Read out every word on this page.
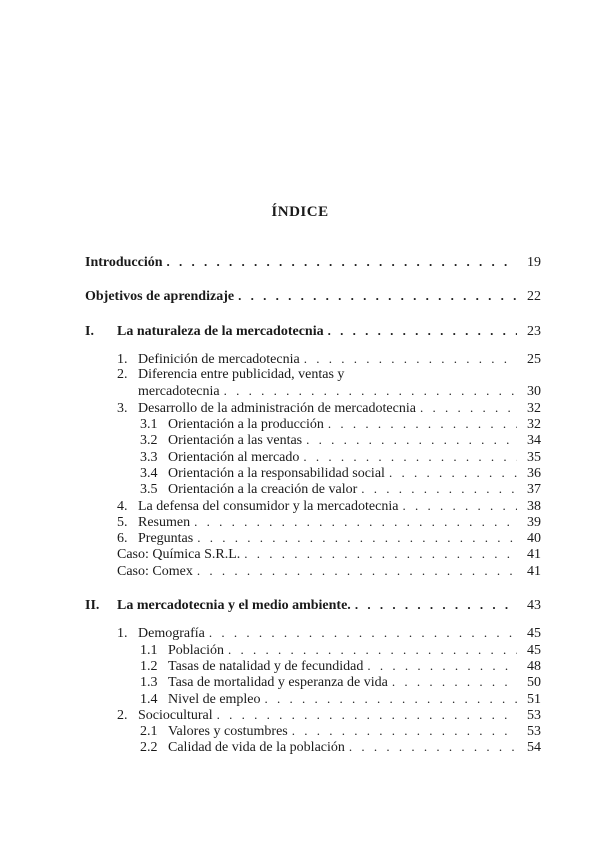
ÍNDICE
Introducción . . .	19
Objetivos de aprendizaje . . .	22
I. La naturaleza de la mercadotecnia . . .	23
1. Definición de mercadotecnia . . .	25
2. Diferencia entre publicidad, ventas y
mercadotecnia . . .	30
3. Desarrollo de la administración de mercadotecnia . . .	32
3.1 Orientación a la producción . . .	32
3.2 Orientación a las ventas . . .	34
3.3 Orientación al mercado . . .	35
3.4 Orientación a la responsabilidad social . . .	36
3.5 Orientación a la creación de valor . . .	37
4. La defensa del consumidor y la mercadotecnia . . .	38
5. Resumen . . .	39
6. Preguntas . . .	40
Caso: Química S.R.L. . . .	41
Caso: Comex . . .	41
II. La mercadotecnia y el medio ambiente. . . .	43
1. Demografía . . .	45
1.1 Población . . .	45
1.2 Tasas de natalidad y de fecundidad . . .	48
1.3 Tasa de mortalidad y esperanza de vida . . .	50
1.4 Nivel de empleo . . .	51
2. Sociocultural . . .	53
2.1 Valores y costumbres . . .	53
2.2 Calidad de vida de la población . . .	54
